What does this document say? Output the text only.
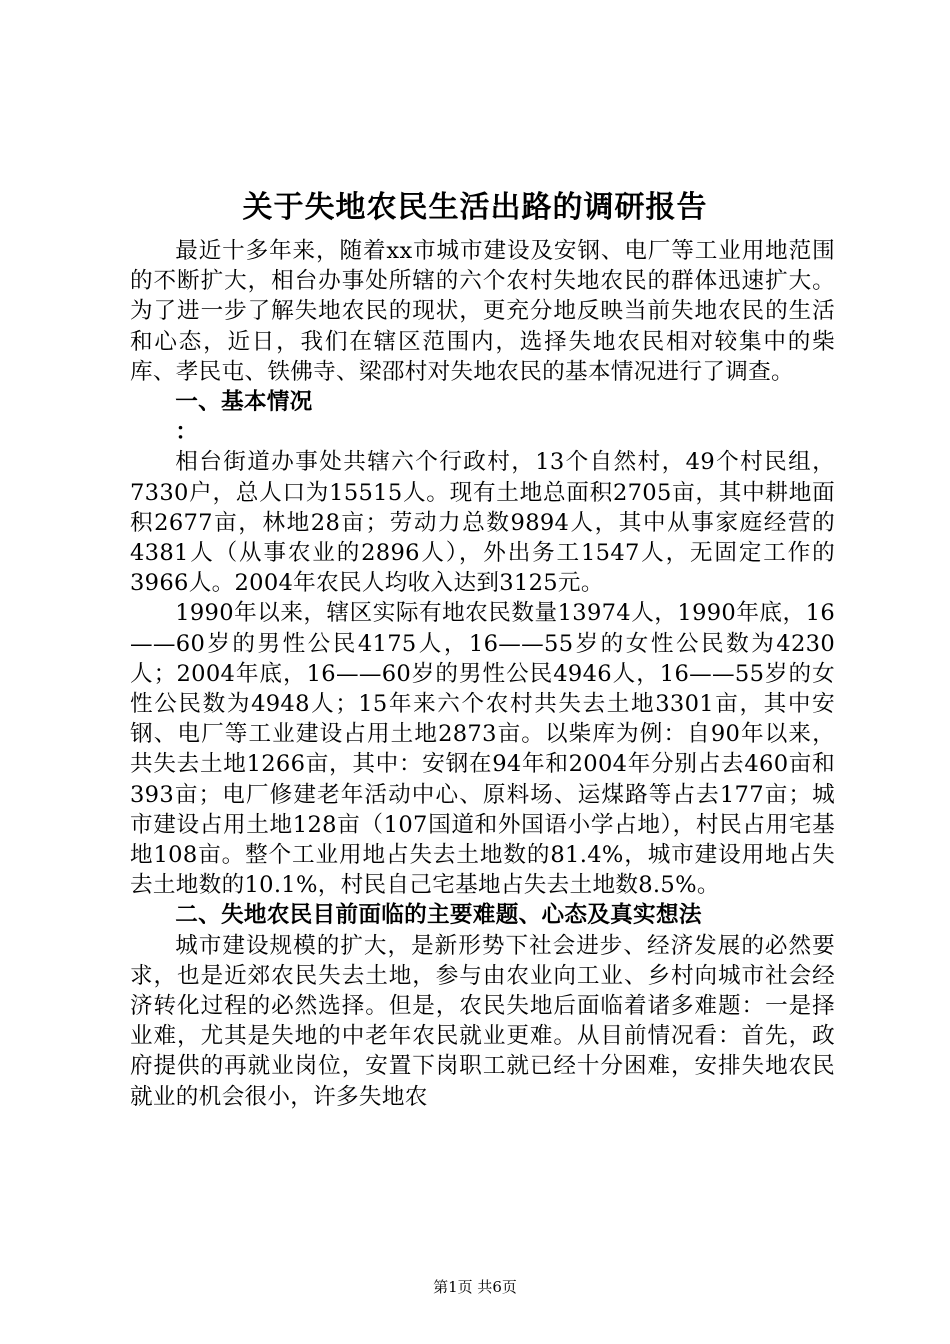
关于失地农民生活出路的调研报告

最近十多年来，随着xx市城市建设及安钢、电厂等工业用地范围的不断扩大，相台办事处所辖的六个农村失地农民的群体迅速扩大。为了进一步了解失地农民的现状，更充分地反映当前失地农民的生活和心态，近日，我们在辖区范围内，选择失地农民相对较集中的柴库、孝民屯、铁佛寺、梁邵村对失地农民的基本情况进行了调查。

一、基本情况
：

相台街道办事处共辖六个行政村，13个自然村，49个村民组，7330户，总人口为15515人。现有土地总面积2705亩，其中耕地面积2677亩，林地28亩；劳动力总数9894人，其中从事家庭经营的4381人（从事农业的2896人），外出务工1547人，无固定工作的3966人。2004年农民人均收入达到3125元。

1990年以来，辖区实际有地农民数量13974人，1990年底，16——60岁的男性公民4175人，16——55岁的女性公民数为4230人；2004年底，16——60岁的男性公民4946人，16——55岁的女性公民数为4948人；15年来六个农村共失去土地3301亩，其中安钢、电厂等工业建设占用土地2873亩。以柴库为例：自90年以来，共失去土地1266亩，其中：安钢在94年和2004年分别占去460亩和393亩；电厂修建老年活动中心、原料场、运煤路等占去177亩；城市建设占用土地128亩（107国道和外国语小学占地），村民占用宅基地108亩。整个工业用地占失去土地数的81.4%，城市建设用地占失去土地数的10.1%，村民自己宅基地占失去土地数8.5%。

二、失地农民目前面临的主要难题、心态及真实想法

城市建设规模的扩大，是新形势下社会进步、经济发展的必然要求，也是近郊农民失去土地，参与由农业向工业、乡村向城市社会经济转化过程的必然选择。但是，农民失地后面临着诸多难题：一是择业难，尤其是失地的中老年农民就业更难。从目前情况看：首先，政府提供的再就业岗位，安置下岗职工就已经十分困难，安排失地农民就业的机会很小，许多失地农

第1页 共6页
